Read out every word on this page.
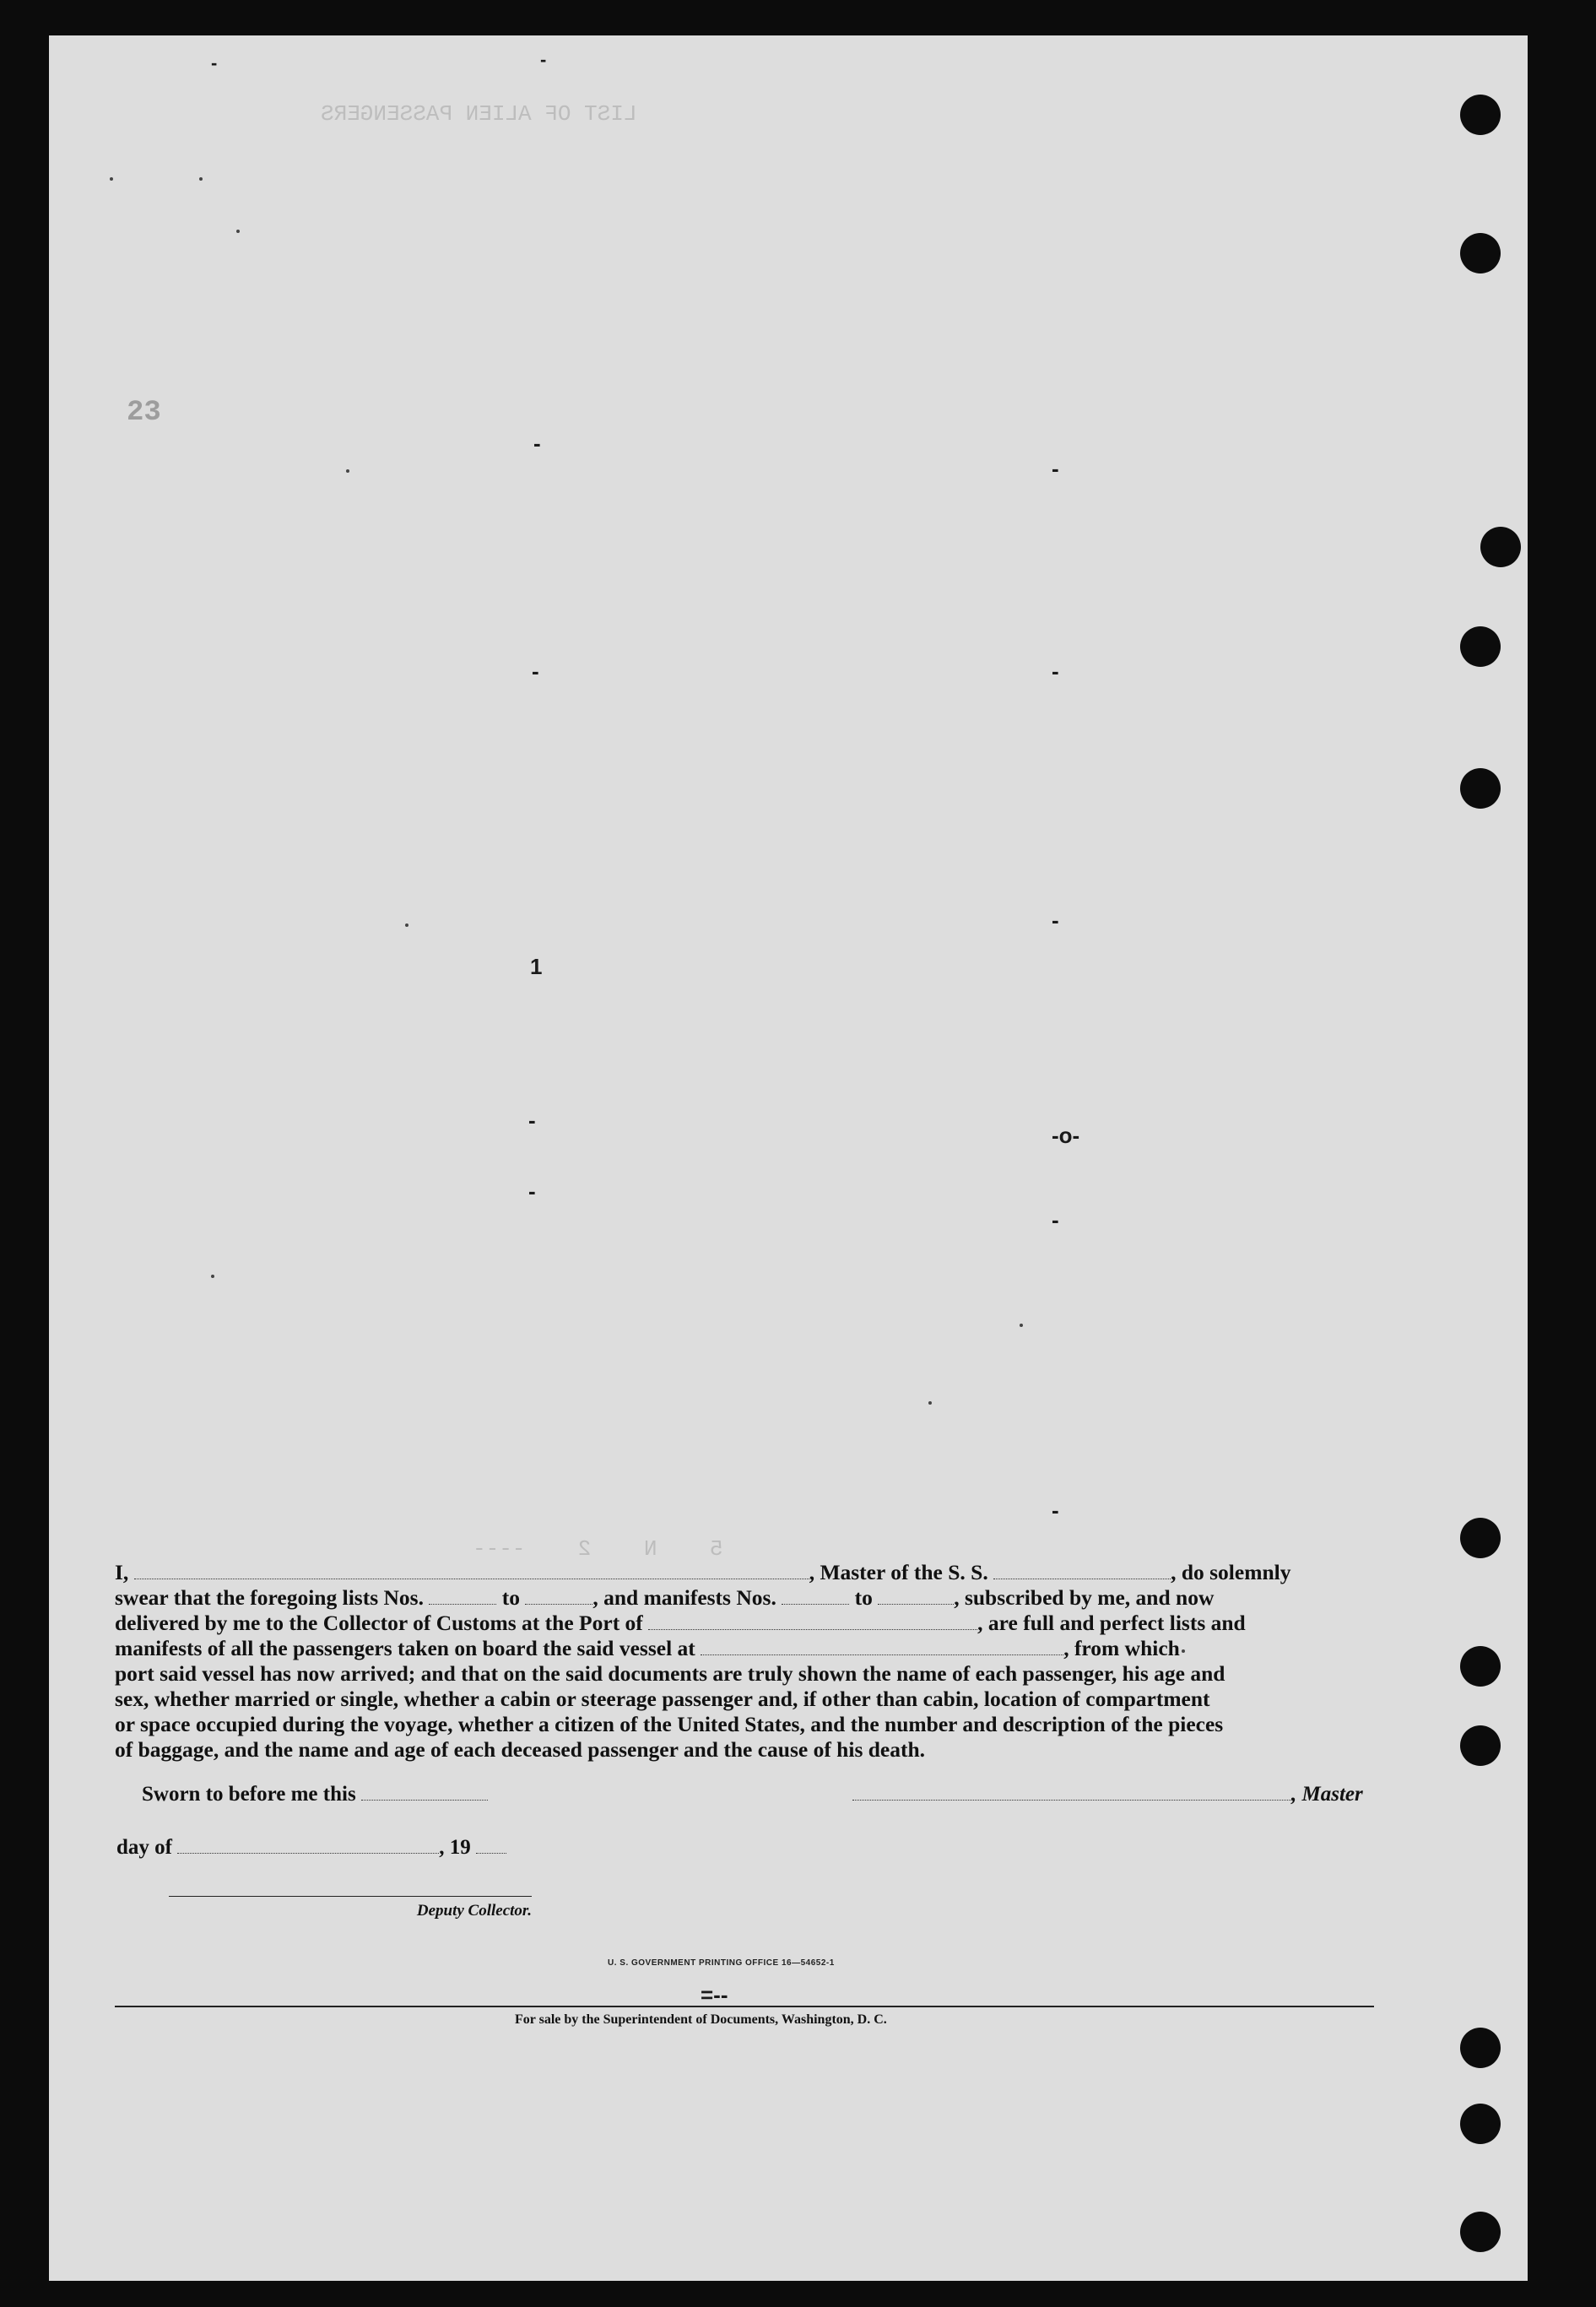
23
LIST OF ALIEN PASSENGERS
5    N    2    ----
-	-
-
-
-
-
-
1
-o-
-
-
-
-
=--
I,	, Master of the S. S.	, do solemnly
swear that the foregoing lists Nos.	to	, and manifests Nos.	to	, subscribed by me, and now
delivered by me to the Collector of Customs at the Port of	, are full and perfect lists and
manifests of all the passengers taken on board the said vessel at	, from which
port said vessel has now arrived; and that on the said documents are truly shown the name of each passenger, his age and
sex, whether married or single, whether a cabin or steerage passenger and, if other than cabin, location of compartment
or space occupied during the voyage, whether a citizen of the United States, and the number and description of the pieces
of baggage, and the name and age of each deceased passenger and the cause of his death.
Sworn to before me this	, Master
day of	, 19
Deputy Collector.
U. S. GOVERNMENT PRINTING OFFICE 16—54652-1
For sale by the Superintendent of Documents, Washington, D. C.
